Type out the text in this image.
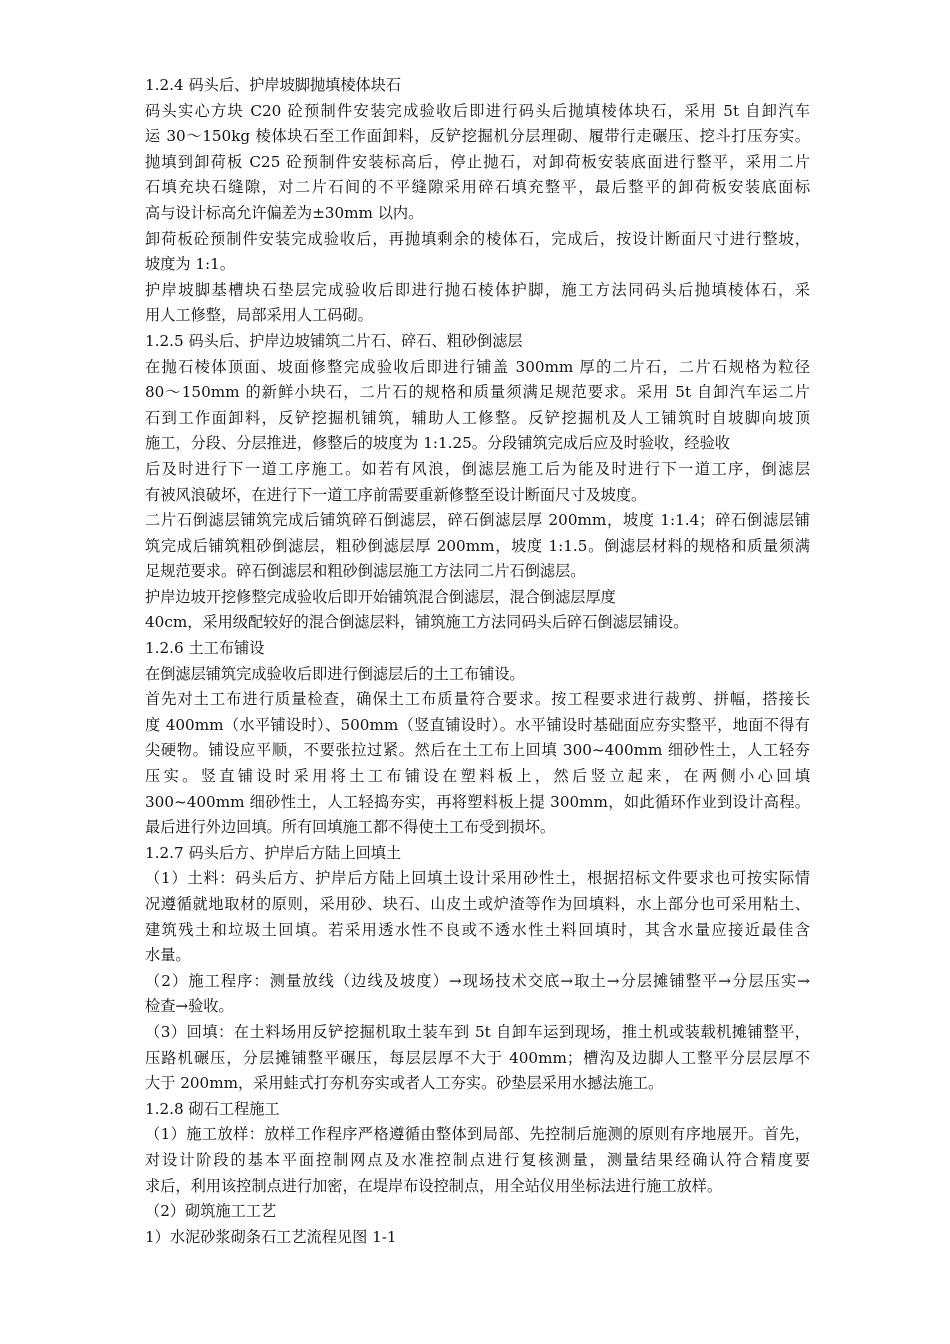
1.2.4 码头后、护岸坡脚抛填棱体块石
码头实心方块 C20 砼预制件安装完成验收后即进行码头后抛填棱体块石，采用 5t 自卸汽车
运 30～150kg 棱体块石至工作面卸料，反铲挖掘机分层理砌、履带行走碾压、挖斗打压夯实。
抛填到卸荷板 C25 砼预制件安装标高后，停止抛石，对卸荷板安装底面进行整平，采用二片
石填充块石缝隙，对二片石间的不平缝隙采用碎石填充整平，最后整平的卸荷板安装底面标
高与设计标高允许偏差为±30mm 以内。
卸荷板砼预制件安装完成验收后，再抛填剩余的棱体石，完成后，按设计断面尺寸进行整坡，
坡度为 1:1。
护岸坡脚基槽块石垫层完成验收后即进行抛石棱体护脚，施工方法同码头后抛填棱体石，采
用人工修整，局部采用人工码砌。
1.2.5 码头后、护岸边坡铺筑二片石、碎石、粗砂倒滤层
在抛石棱体顶面、坡面修整完成验收后即进行铺盖 300mm 厚的二片石，二片石规格为粒径
80～150mm 的新鲜小块石，二片石的规格和质量须满足规范要求。采用 5t 自卸汽车运二片
石到工作面卸料，反铲挖掘机铺筑，辅助人工修整。反铲挖掘机及人工铺筑时自坡脚向坡顶
施工，分段、分层推进，修整后的坡度为 1:1.25。分段铺筑完成后应及时验收，经验收
后及时进行下一道工序施工。如若有风浪，倒滤层施工后为能及时进行下一道工序，倒滤层
有被风浪破坏，在进行下一道工序前需要重新修整至设计断面尺寸及坡度。
二片石倒滤层铺筑完成后铺筑碎石倒滤层，碎石倒滤层厚 200mm，坡度 1:1.4；碎石倒滤层铺
筑完成后铺筑粗砂倒滤层，粗砂倒滤层厚 200mm，坡度 1:1.5。倒滤层材料的规格和质量须满
足规范要求。碎石倒滤层和粗砂倒滤层施工方法同二片石倒滤层。
护岸边坡开挖修整完成验收后即开始铺筑混合倒滤层，混合倒滤层厚度
40cm，采用级配较好的混合倒滤层料，铺筑施工方法同码头后碎石倒滤层铺设。
1.2.6 土工布铺设
在倒滤层铺筑完成验收后即进行倒滤层后的土工布铺设。
首先对土工布进行质量检查，确保土工布质量符合要求。按工程要求进行裁剪、拼幅，搭接长
度 400mm（水平铺设时）、500mm（竖直铺设时）。水平铺设时基础面应夯实整平，地面不得有
尖硬物。铺设应平顺，不要张拉过紧。然后在土工布上回填 300~400mm 细砂性土，人工轻夯
压实。竖直铺设时采用将土工布铺设在塑料板上，然后竖立起来，在两侧小心回填
300~400mm 细砂性土，人工轻捣夯实，再将塑料板上提 300mm，如此循环作业到设计高程。
最后进行外边回填。所有回填施工都不得使土工布受到损坏。
1.2.7 码头后方、护岸后方陆上回填土
（1）土料：码头后方、护岸后方陆上回填土设计采用砂性土，根据招标文件要求也可按实际情
况遵循就地取材的原则，采用砂、块石、山皮土或炉渣等作为回填料，水上部分也可采用粘土、
建筑残土和垃圾土回填。若采用透水性不良或不透水性土料回填时，其含水量应接近最佳含
水量。
（2）施工程序：测量放线（边线及坡度）→现场技术交底→取土→分层摊铺整平→分层压实→
检查→验收。
（3）回填：在土料场用反铲挖掘机取土装车到 5t 自卸车运到现场，推土机或装载机摊铺整平，
压路机碾压，分层摊铺整平碾压，每层层厚不大于 400mm；槽沟及边脚人工整平分层层厚不
大于 200mm，采用蛙式打夯机夯实或者人工夯实。砂垫层采用水撼法施工。
1.2.8 砌石工程施工
（1）施工放样：放样工作程序严格遵循由整体到局部、先控制后施测的原则有序地展开。首先，
对设计阶段的基本平面控制网点及水准控制点进行复核测量，测量结果经确认符合精度要
求后，利用该控制点进行加密，在堤岸布设控制点，用全站仪用坐标法进行施工放样。
（2）砌筑施工工艺
1）水泥砂浆砌条石工艺流程见图 1-1
